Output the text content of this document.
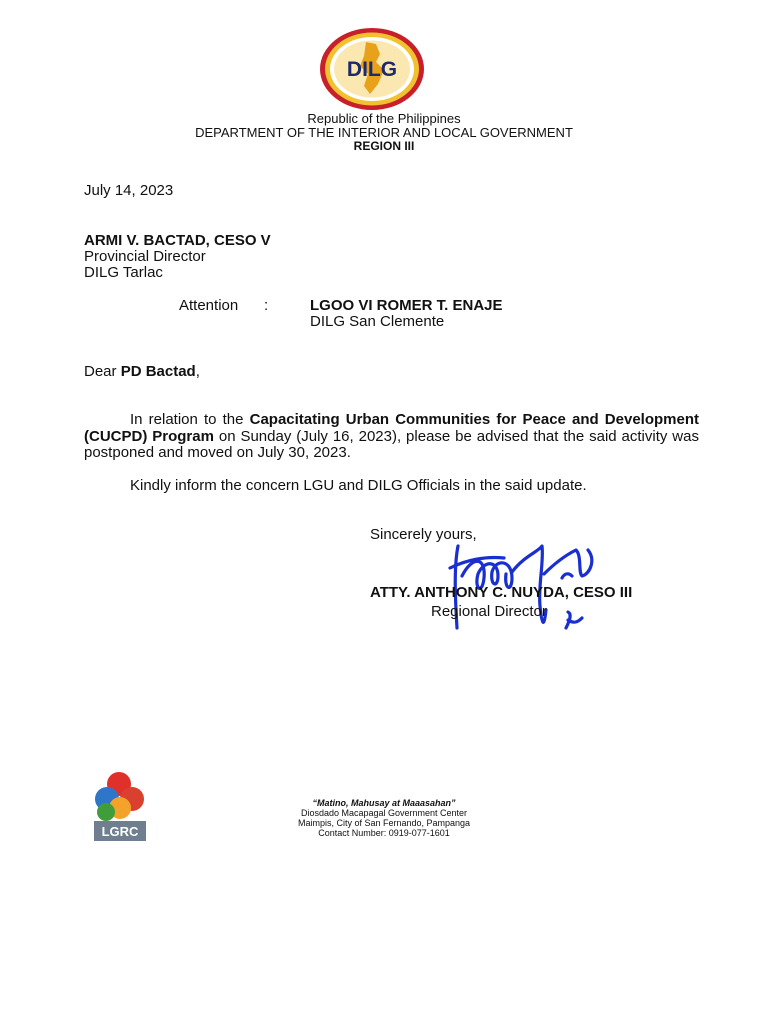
DILG
Republic of the Philippines
DEPARTMENT OF THE INTERIOR AND LOCAL GOVERNMENT
REGION III
July 14, 2023
ARMI V. BACTAD, CESO V
Provincial Director
DILG Tarlac
Attention :	LGOO VI ROMER T. ENAJE
DILG San Clemente
Dear PD Bactad,
In relation to the Capacitating Urban Communities for Peace and Development (CUCPD) Program on Sunday (July 16, 2023), please be advised that the said activity was postponed and moved on July 30, 2023.
Kindly inform the concern LGU and DILG Officials in the said update.
Sincerely yours,
ATTY. ANTHONY C. NUYDA, CESO III
Regional Director
LGRC
“Matino, Mahusay at Maaasahan”
Diosdado Macapagal Government Center
Maimpis, City of San Fernando, Pampanga
Contact Number: 0919-077-1601
